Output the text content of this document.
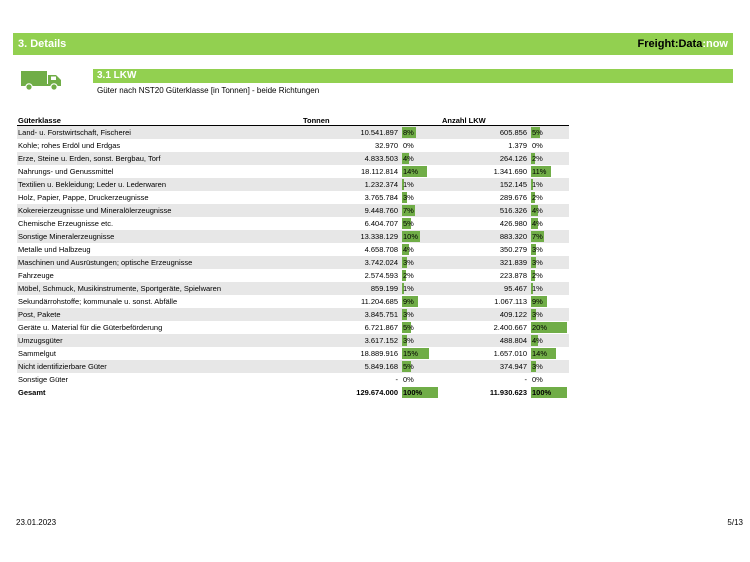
3. Details	Freight:Data:now
3.1 LKW
Güter nach NST20 Güterklasse [in Tonnen] - beide Richtungen
Güterklasse	Tonnen		Anzahl LKW	
Land- u. Forstwirtschaft, Fischerei	10.541.897	8%	605.856	5%
Kohle; rohes Erdöl und Erdgas	32.970	0%	1.379	0%
Erze, Steine u. Erden, sonst. Bergbau, Torf	4.833.503	4%	264.126	2%
Nahrungs- und Genussmittel	18.112.814	14%	1.341.690	11%
Textilien u. Bekleidung; Leder u. Lederwaren	1.232.374	1%	152.145	1%
Holz, Papier, Pappe, Druckerzeugnisse	3.765.784	3%	289.676	2%
Kokereierzeugnisse und Mineralölerzeugnisse	9.448.760	7%	516.326	4%
Chemische Erzeugnisse etc.	6.404.707	5%	426.980	4%
Sonstige Mineralerzeugnisse	13.338.129	10%	883.320	7%
Metalle und Halbzeug	4.658.708	4%	350.279	3%
Maschinen und Ausrüstungen; optische Erzeugnisse	3.742.024	3%	321.839	3%
Fahrzeuge	2.574.593	2%	223.878	2%
Möbel, Schmuck, Musikinstrumente, Sportgeräte, Spielwaren	859.199	1%	95.467	1%
Sekundärrohstoffe; kommunale u. sonst. Abfälle	11.204.685	9%	1.067.113	9%
Post, Pakete	3.845.751	3%	409.122	3%
Geräte u. Material für die Güterbeförderung	6.721.867	5%	2.400.667	20%
Umzugsgüter	3.617.152	3%	488.804	4%
Sammelgut	18.889.916	15%	1.657.010	14%
Nicht identifizierbare Güter	5.849.168	5%	374.947	3%
Sonstige Güter	-	0%	-	0%
Gesamt	129.674.000	100%	11.930.623	100%
23.01.2023	5/13
